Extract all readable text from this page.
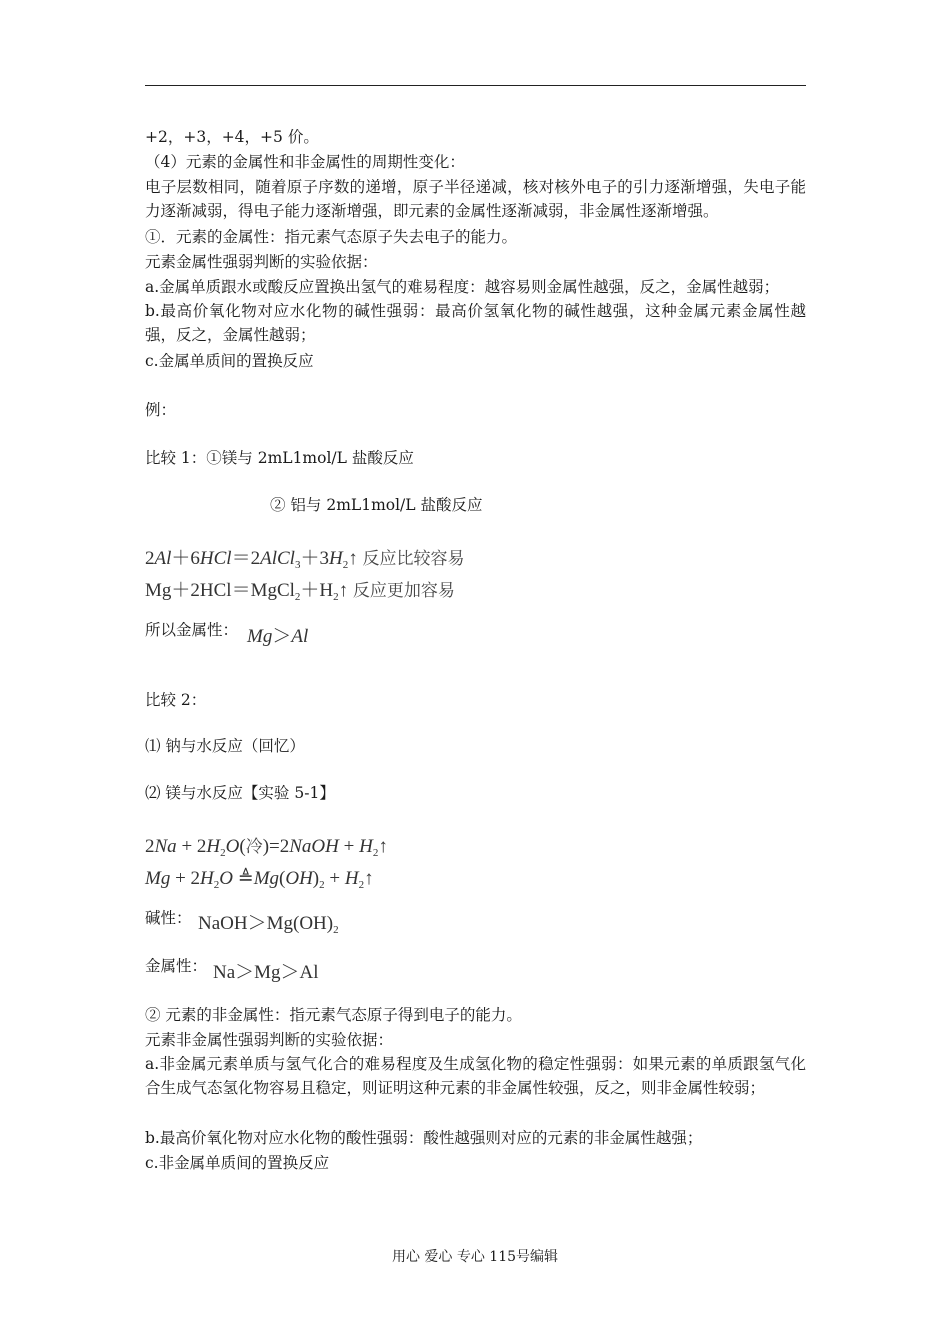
+2，+3，+4，+5 价。
（4）元素的金属性和非金属性的周期性变化：
电子层数相同，随着原子序数的递增，原子半径递减，核对核外电子的引力逐渐增强，失电子能力逐渐减弱，得电子能力逐渐增强，即元素的金属性逐渐减弱，非金属性逐渐增强。
①．元素的金属性：指元素气态原子失去电子的能力。
元素金属性强弱判断的实验依据：
a.金属单质跟水或酸反应置换出氢气的难易程度：越容易则金属性越强，反之，金属性越弱；
b.最高价氧化物对应水化物的碱性强弱：最高价氢氧化物的碱性越强，这种金属元素金属性越强，反之，金属性越弱；
c.金属单质间的置换反应
例：
比较 1：①镁与 2mL1mol/L 盐酸反应
② 铝与 2mL1mol/L 盐酸反应
$2Al+6HCl=2AlCl_3+3H_2↑$ 反应比较容易
$Mg+2HCl=MgCl_2+H_2↑$ 反应更加容易
所以金属性： Mg＞Al
比较 2：
⑴ 钠与水反应（回忆）
⑵ 镁与水反应【实验 5-1】
$2Na + 2H_2O$(冷)=2NaOH + $H_2↑$
$Mg + 2H_2O$ $≜Mg(OH)_2$ + $H_2↑$
碱性： $NaOH>Mg(OH)_2$
金属性： Na＞Mg＞Al
② 元素的非金属性：指元素气态原子得到电子的能力。
元素非金属性强弱判断的实验依据：
a.非金属元素单质与氢气化合的难易程度及生成氢化物的稳定性强弱：如果元素的单质跟氢气化合生成气态氢化物容易且稳定，则证明这种元素的非金属性较强，反之，则非金属性较弱；
b.最高价氧化物对应水化物的酸性强弱：酸性越强则对应的元素的非金属性越强；
c.非金属单质间的置换反应
用心 爱心 专心 115号编辑
